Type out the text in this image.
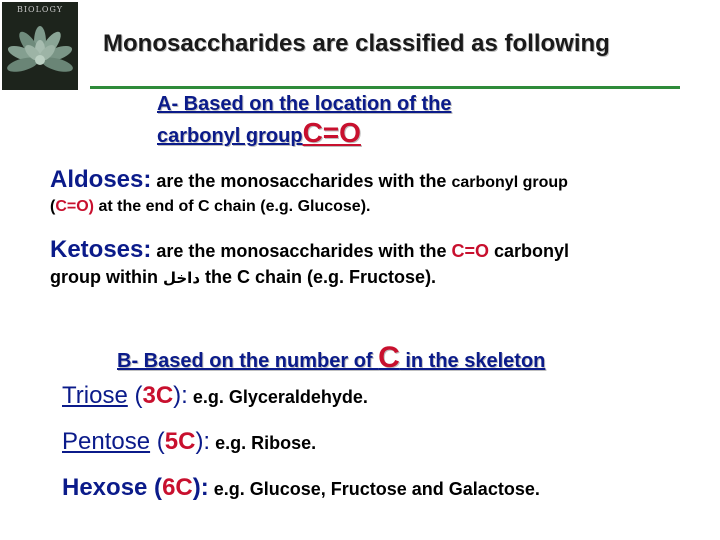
BIOLOGY
Monosaccharides are classified as following
A- Based on the location of the
carbonyl groupC=O
Aldoses: are the monosaccharides with the carbonyl group
(C=O) at the end of C chain (e.g. Glucose).
Ketoses: are the monosaccharides with the C=O carbonyl
group within داخل the C chain (e.g. Fructose).
B- Based on the number of C in the skeleton
Triose (3C): e.g. Glyceraldehyde.
Pentose (5C): e.g. Ribose.
Hexose (6C): e.g. Glucose, Fructose and Galactose.
